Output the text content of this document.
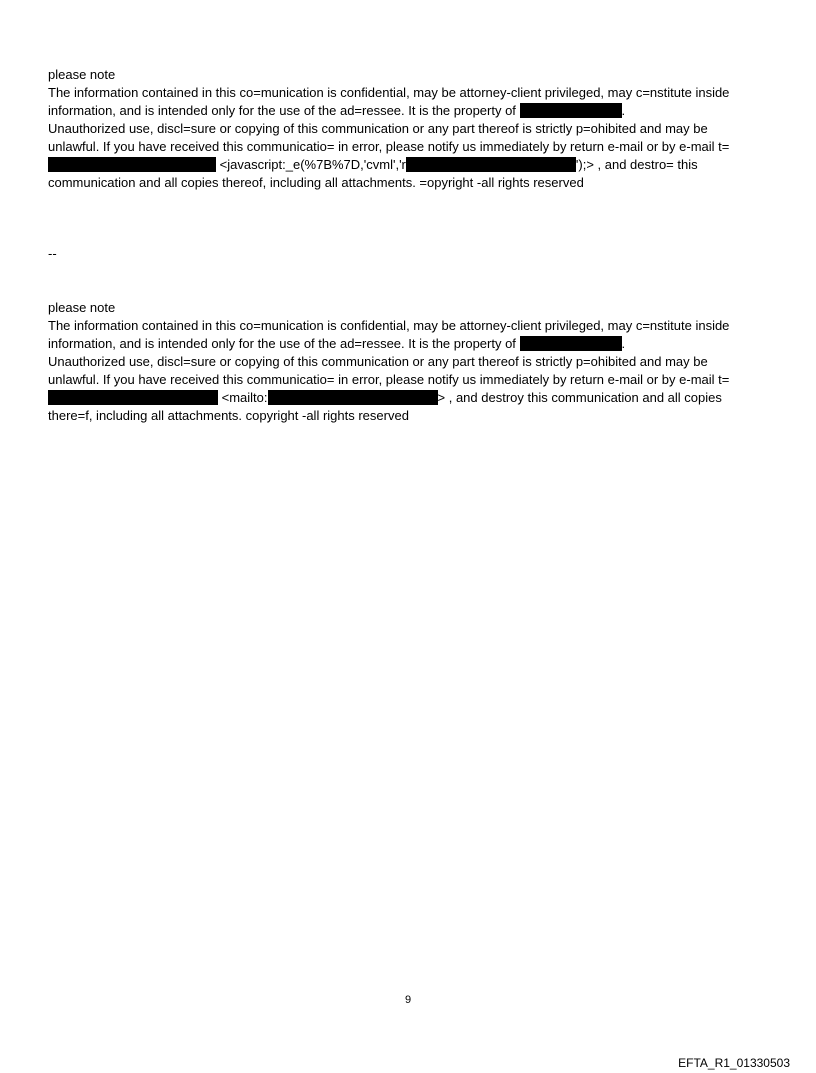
please note
The information contained in this co=munication is confidential, may be attorney-client privileged, may c=nstitute inside
information, and is intended only for the use of the ad=ressee. It is the property of	.
Unauthorized use, discl=sure or copying of this communication or any part thereof is strictly p=ohibited and may be
unlawful. If you have received this communicatio= in error, please notify us immediately by return e-mail or by e-mail t=
<javascript:_e(%7B%7D,'cvml','r	');> , and destro= this
communication and all copies thereof, including all attachments. =opyright -all rights reserved
--
please note
The information contained in this co=munication is confidential, may be attorney-client privileged, may c=nstitute inside
information, and is intended only for the use of the ad=ressee. It is the property of	.
Unauthorized use, discl=sure or copying of this communication or any part thereof is strictly p=ohibited and may be
unlawful. If you have received this communicatio= in error, please notify us immediately by return e-mail or by e-mail t=
<mailto:	> , and destroy this communication and all copies
there=f, including all attachments. copyright -all rights reserved
9
EFTA_R1_01330503
